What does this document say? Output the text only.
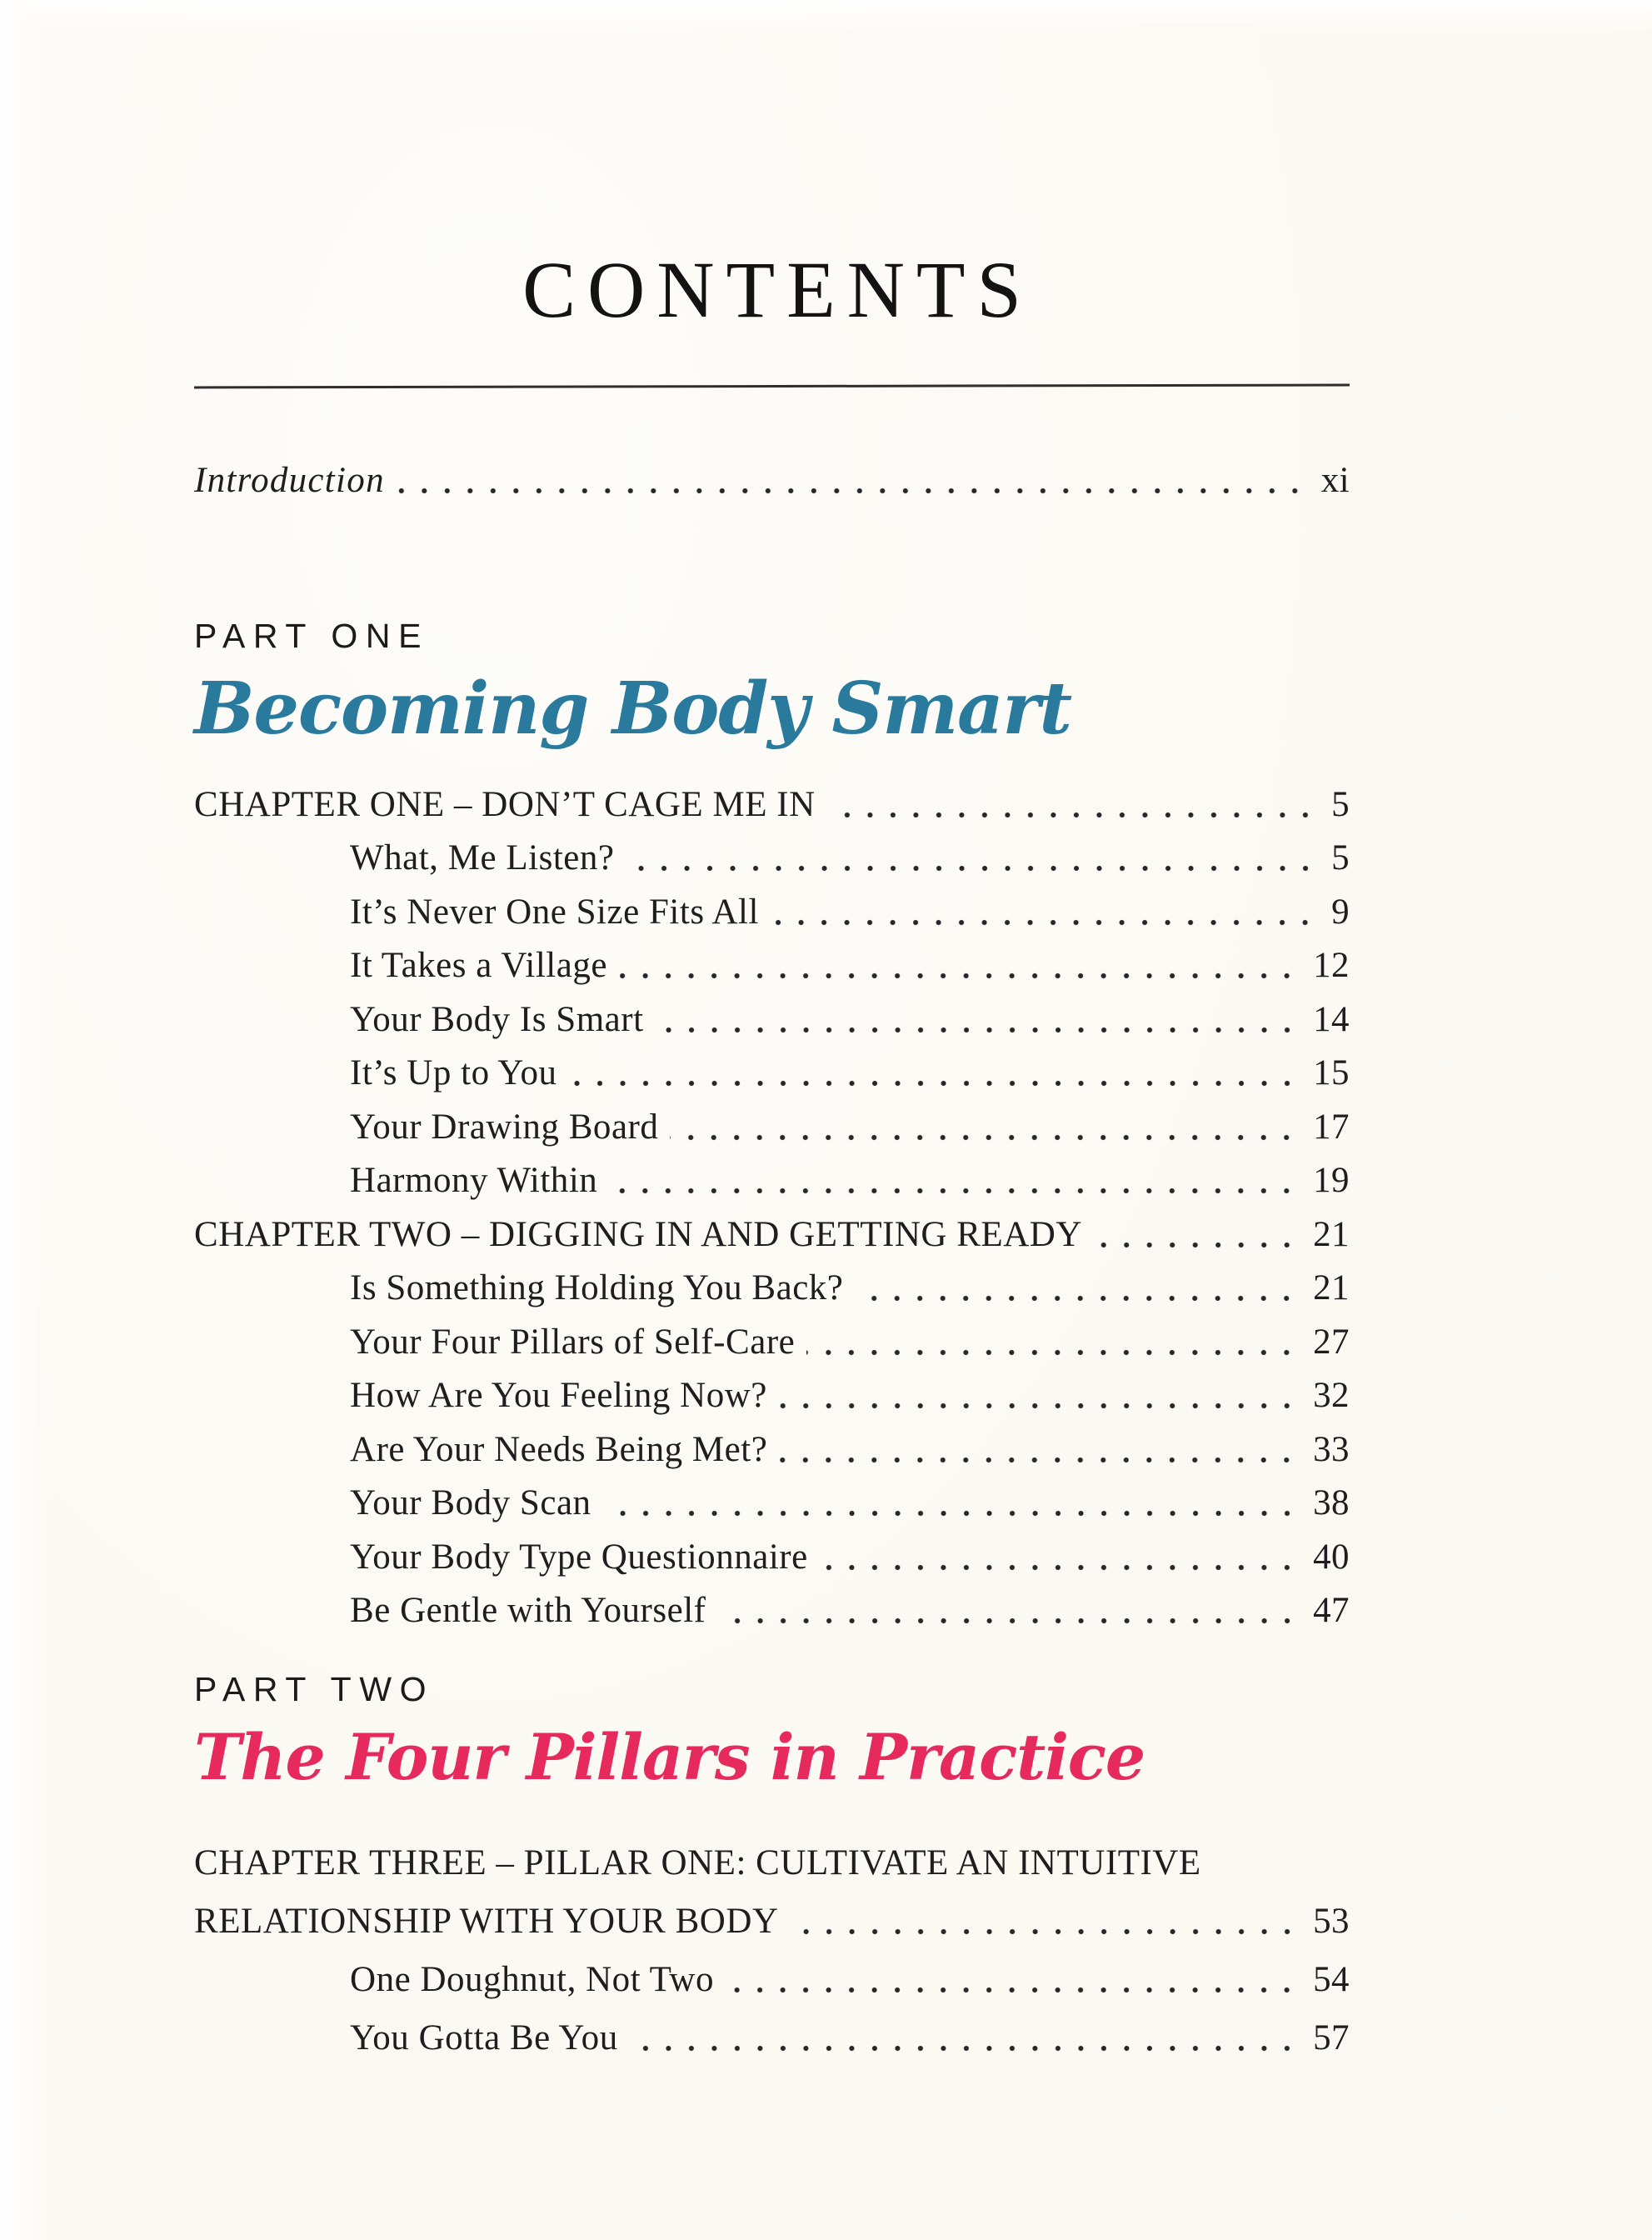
CONTENTS
Introduction	xi
PART ONE
Becoming Body Smart
CHAPTER ONE – DON’T CAGE ME IN	5
What, Me Listen?	5
It’s Never One Size Fits All	9
It Takes a Village	12
Your Body Is Smart	14
It’s Up to You	15
Your Drawing Board	17
Harmony Within	19
CHAPTER TWO – DIGGING IN AND GETTING READY	21
Is Something Holding You Back?	21
Your Four Pillars of Self-Care	27
How Are You Feeling Now?	32
Are Your Needs Being Met?	33
Your Body Scan	38
Your Body Type Questionnaire	40
Be Gentle with Yourself	47
PART TWO
The Four Pillars in Practice
CHAPTER THREE – PILLAR ONE: CULTIVATE AN INTUITIVE
RELATIONSHIP WITH YOUR BODY	53
One Doughnut, Not Two	54
You Gotta Be You	57
